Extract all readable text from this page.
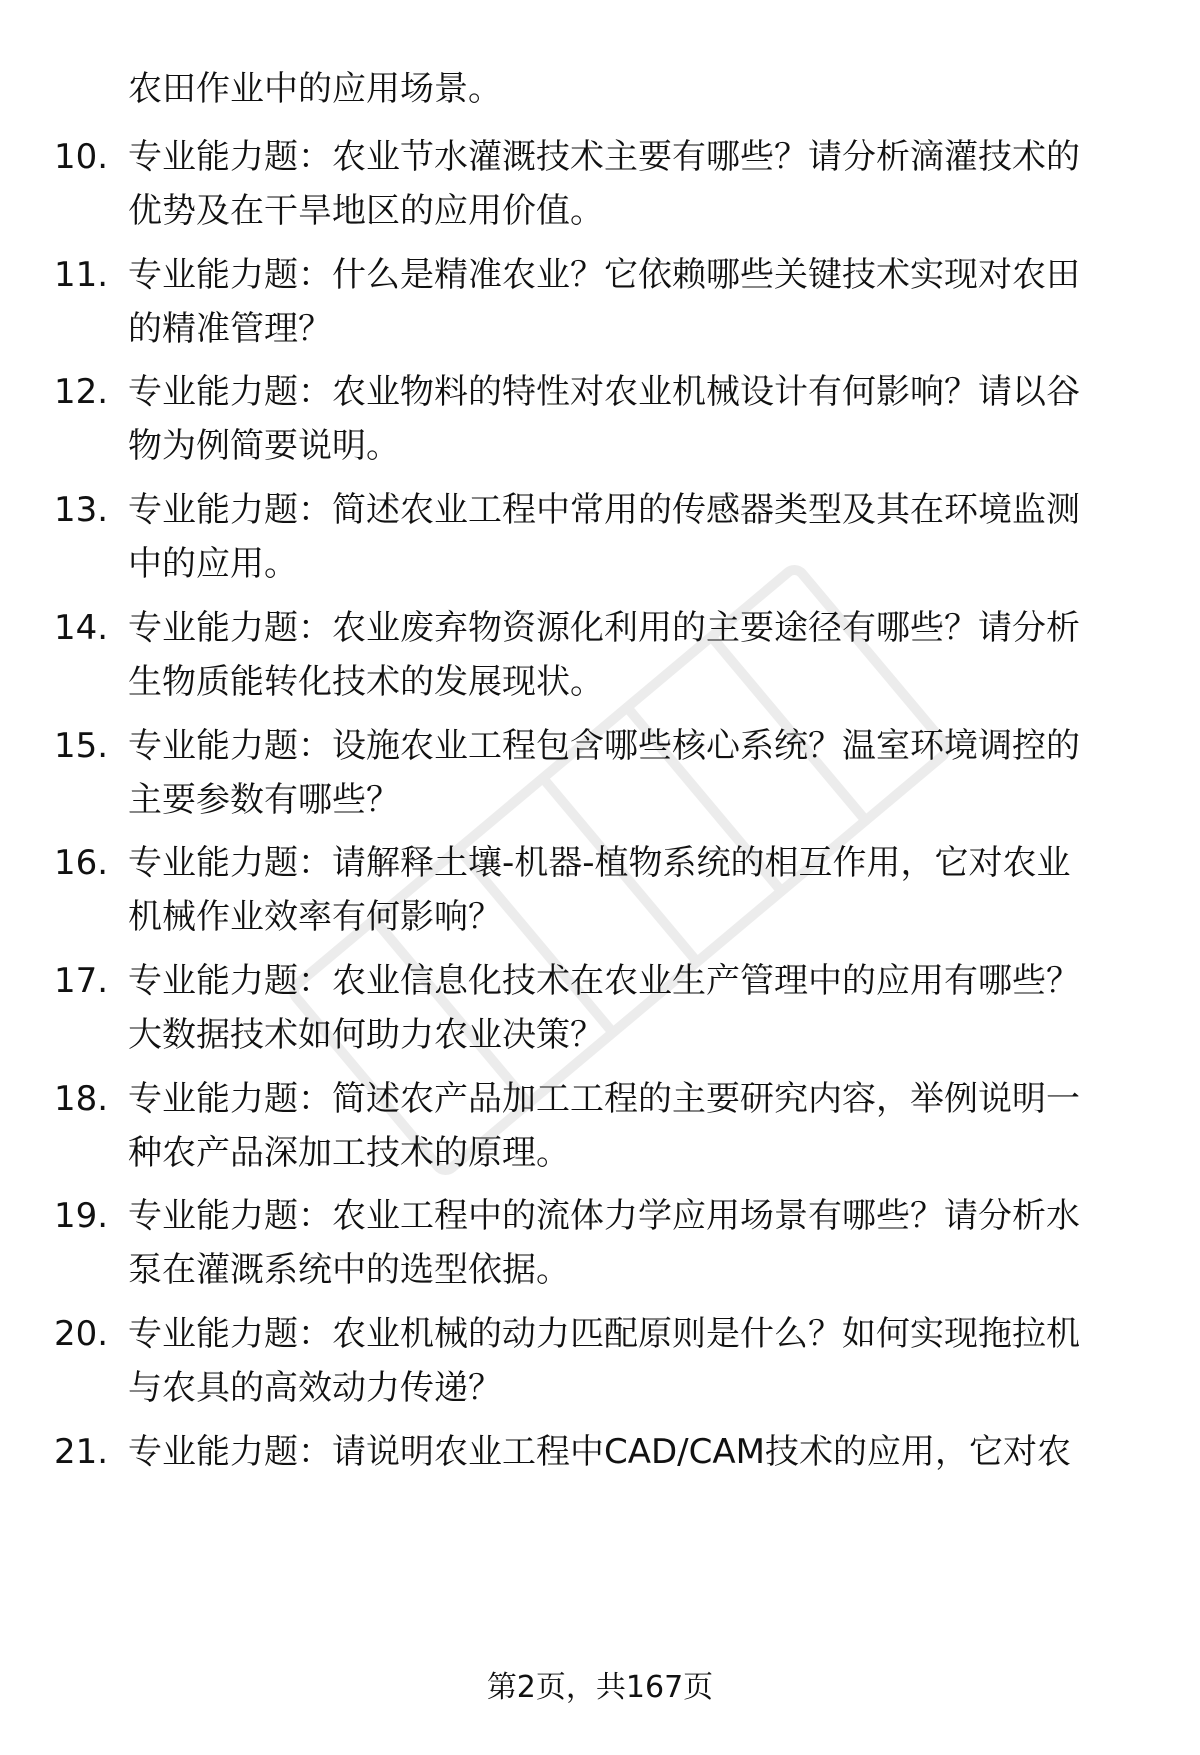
农田作业中的应用场景。
10. 专业能力题：农业节水灌溉技术主要有哪些？请分析滴灌技术的
优势及在干旱地区的应用价值。
11. 专业能力题：什么是精准农业？它依赖哪些关键技术实现对农田
的精准管理？
12. 专业能力题：农业物料的特性对农业机械设计有何影响？请以谷
物为例简要说明。
13. 专业能力题：简述农业工程中常用的传感器类型及其在环境监测
中的应用。
14. 专业能力题：农业废弃物资源化利用的主要途径有哪些？请分析
生物质能转化技术的发展现状。
15. 专业能力题：设施农业工程包含哪些核心系统？温室环境调控的
主要参数有哪些？
16. 专业能力题：请解释土壤-机器-植物系统的相互作用，它对农业
机械作业效率有何影响？
17. 专业能力题：农业信息化技术在农业生产管理中的应用有哪些？
大数据技术如何助力农业决策？
18. 专业能力题：简述农产品加工工程的主要研究内容，举例说明一
种农产品深加工技术的原理。
19. 专业能力题：农业工程中的流体力学应用场景有哪些？请分析水
泵在灌溉系统中的选型依据。
20. 专业能力题：农业机械的动力匹配原则是什么？如何实现拖拉机
与农具的高效动力传递？
21. 专业能力题：请说明农业工程中CAD/CAM技术的应用，它对农
第2页，共167页
